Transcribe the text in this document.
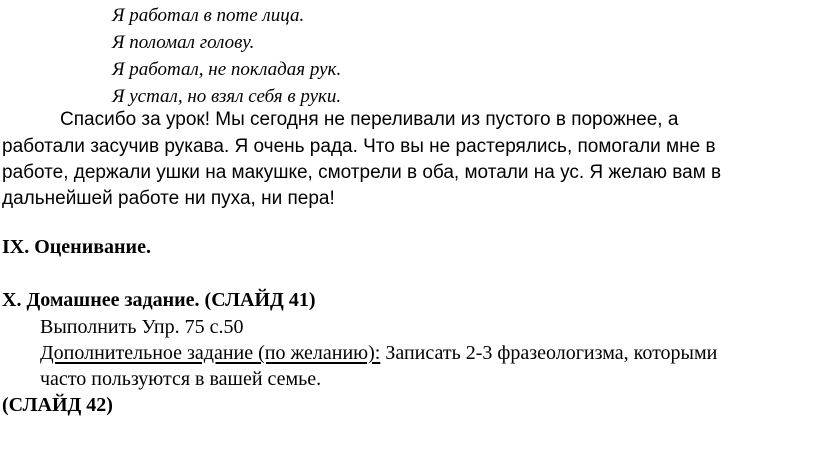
Я работал в поте лица.
Я поломал голову.
Я работал, не покладая рук.
Я устал, но взял себя в руки.
Спасибо за урок! Мы сегодня не переливали из пустого в порожнее, а
работали засучив рукава. Я очень рада. Что вы не растерялись, помогали мне в
работе, держали ушки на макушке, смотрели в оба, мотали на ус. Я желаю вам в
дальнейшей работе ни пуха, ни пера!
IX. Оценивание.
X. Домашнее задание. (СЛАЙД 41)
Выполнить Упр. 75 с.50
Дополнительное задание (по желанию): Записать 2-3 фразеологизма, которыми
часто пользуются в вашей семье.
(СЛАЙД 42)
